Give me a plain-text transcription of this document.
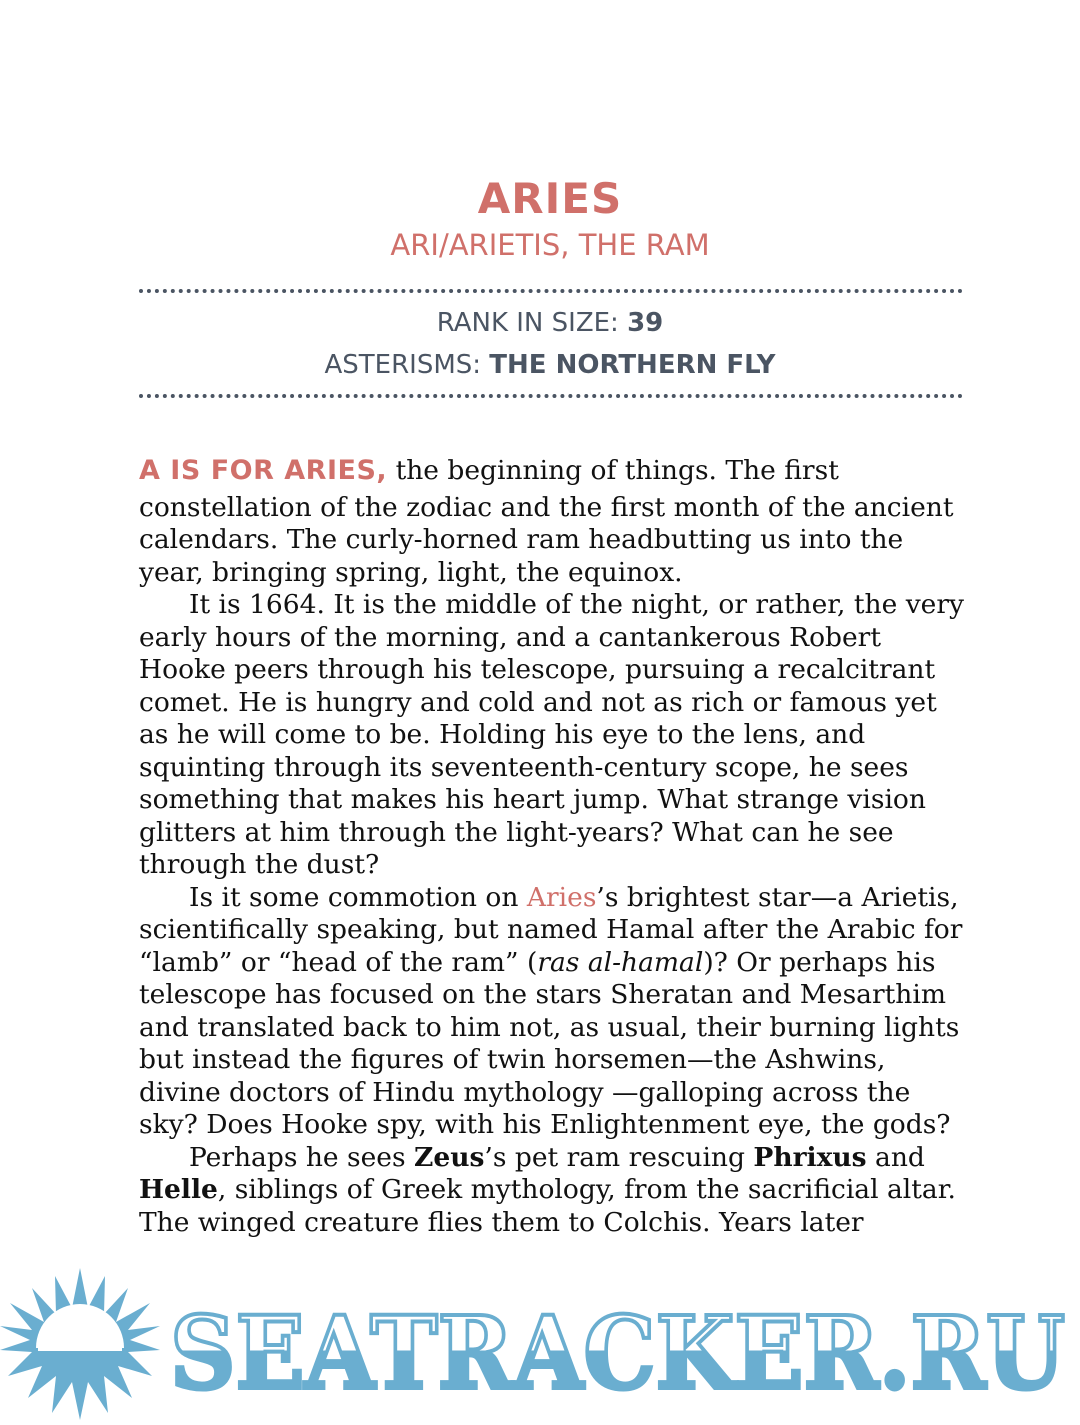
ARIES
ARI/ARIETIS, THE RAM
RANK IN SIZE: 39
ASTERISMS: THE NORTHERN FLY

A IS FOR ARIES, the beginning of things. The first constellation of the zodiac and the first month of the ancient calendars. The curly-horned ram headbutting us into the year, bringing spring, light, the equinox.

It is 1664. It is the middle of the night, or rather, the very early hours of the morning, and a cantankerous Robert Hooke peers through his telescope, pursuing a recalcitrant comet. He is hungry and cold and not as rich or famous yet as he will come to be. Holding his eye to the lens, and squinting through its seventeenth-century scope, he sees something that makes his heart jump. What strange vision glitters at him through the light-years? What can he see through the dust?

Is it some commotion on Aries’s brightest star—a Arietis, scientifically speaking, but named Hamal after the Arabic for “lamb” or “head of the ram” (ras al-hamal)? Or perhaps his telescope has focused on the stars Sheratan and Mesarthim and translated back to him not, as usual, their burning lights but instead the figures of twin horsemen—the Ashwins, divine doctors of Hindu mythology —galloping across the sky? Does Hooke spy, with his Enlightenment eye, the gods?

Perhaps he sees Zeus’s pet ram rescuing Phrixus and Helle, siblings of Greek mythology, from the sacrificial altar. The winged creature flies them to Colchis. Years later

SEATRACKER.RU
